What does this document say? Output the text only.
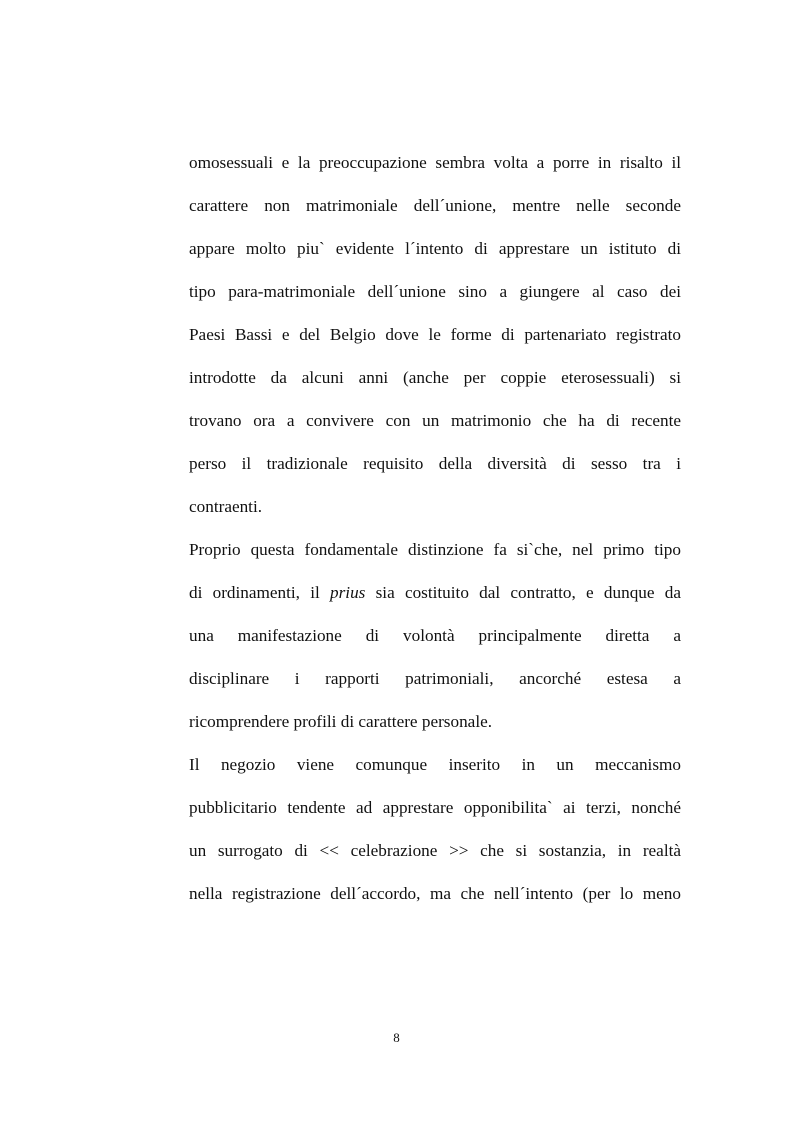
omosessuali e la preoccupazione sembra volta a porre in risalto il
carattere non matrimoniale dell´unione, mentre nelle seconde
appare molto piu` evidente l´intento di apprestare un istituto di
tipo para-matrimoniale dell´unione sino a giungere al caso dei
Paesi Bassi e del Belgio dove le forme di partenariato registrato
introdotte da alcuni anni (anche per coppie eterosessuali) si
trovano ora a convivere con un matrimonio che ha di recente
perso il tradizionale requisito della diversità di sesso tra i
contraenti.
Proprio questa fondamentale distinzione fa si`che, nel primo tipo
di ordinamenti, il prius sia costituito dal contratto, e dunque da
una manifestazione di volontà principalmente diretta a
disciplinare i rapporti patrimoniali, ancorché estesa a
ricomprendere profili di carattere personale.
Il negozio viene comunque inserito in un meccanismo
pubblicitario tendente ad apprestare opponibilita` ai terzi, nonché
un surrogato di << celebrazione >> che si sostanzia, in realtà
nella registrazione dell´accordo, ma che nell´intento (per lo meno
8
